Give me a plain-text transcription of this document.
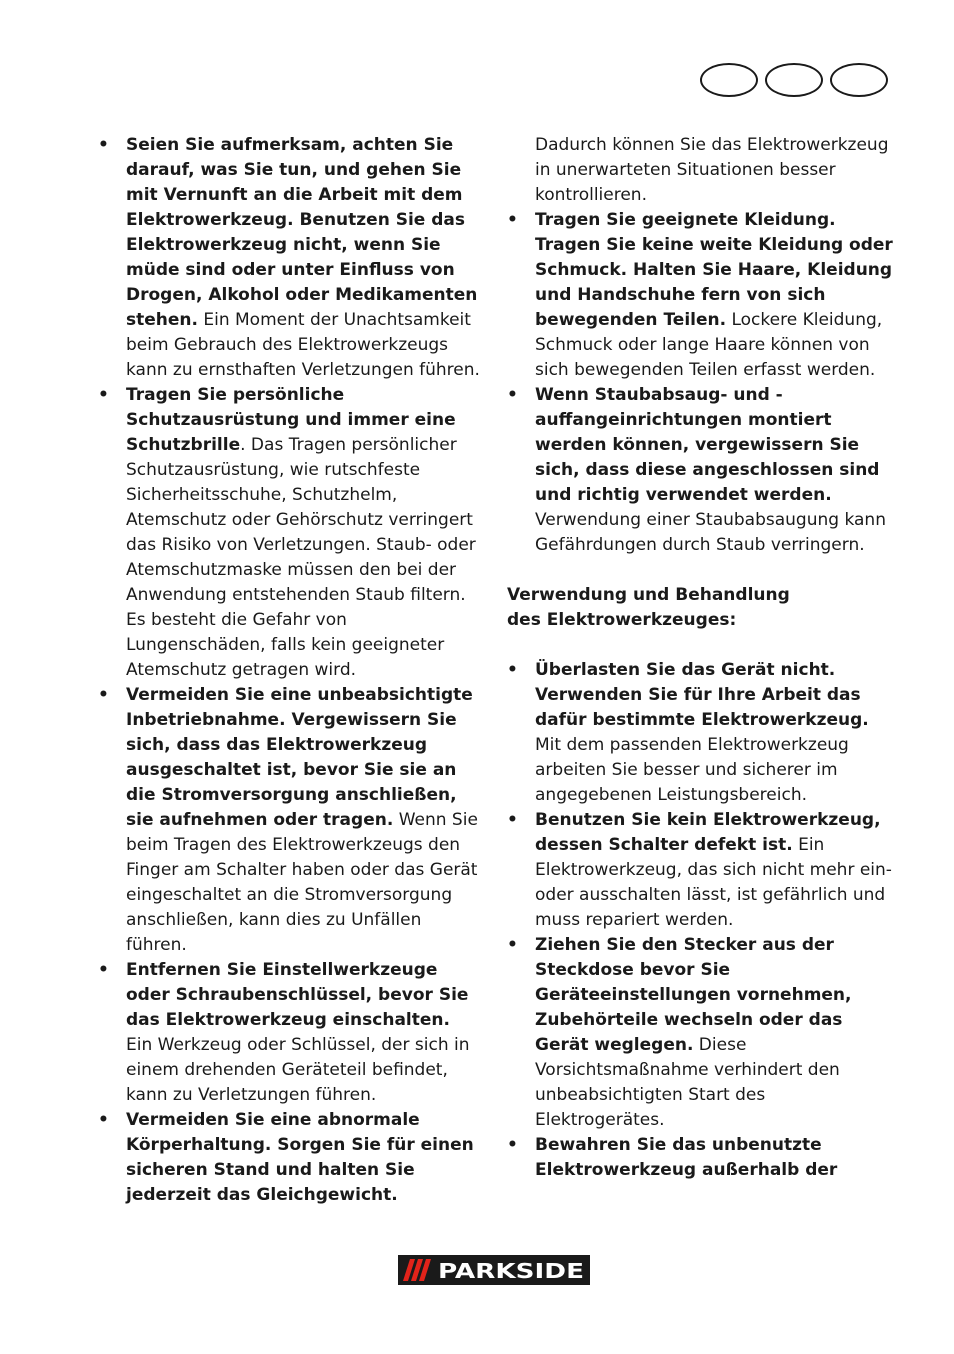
• Seien Sie aufmerksam, achten Sie darauf, was Sie tun, und gehen Sie mit Vernunft an die Arbeit mit dem Elektrowerkzeug. Benutzen Sie das Elektrowerkzeug nicht, wenn Sie müde sind oder unter Einfluss von Drogen, Alkohol oder Medikamenten stehen. Ein Moment der Unachtsamkeit beim Gebrauch des Elektrowerkzeugs kann zu ernsthaften Verletzungen führen.
• Tragen Sie persönliche Schutzausrüstung und immer eine Schutzbrille. Das Tragen persönlicher Schutzausrüstung, wie rutschfeste Sicherheitsschuhe, Schutzhelm, Atemschutz oder Gehörschutz verringert das Risiko von Verletzungen. Staub- oder Atemschutzmaske müssen den bei der Anwendung entstehenden Staub filtern. Es besteht die Gefahr von Lungenschäden, falls kein geeigneter Atemschutz getragen wird.
• Vermeiden Sie eine unbeabsichtigte Inbetriebnahme. Vergewissern Sie sich, dass das Elektrowerkzeug ausgeschaltet ist, bevor Sie sie an die Stromversorgung anschließen, sie aufnehmen oder tragen. Wenn Sie beim Tragen des Elektrowerkzeugs den Finger am Schalter haben oder das Gerät eingeschaltet an die Stromversorgung anschließen, kann dies zu Unfällen führen.
• Entfernen Sie Einstellwerkzeuge oder Schraubenschlüssel, bevor Sie das Elektrowerkzeug einschalten. Ein Werkzeug oder Schlüssel, der sich in einem drehenden Geräteteil befindet, kann zu Verletzungen führen.
• Vermeiden Sie eine abnormale Körperhaltung. Sorgen Sie für einen sicheren Stand und halten Sie jederzeit das Gleichgewicht.
Dadurch können Sie das Elektrowerkzeug in unerwarteten Situationen besser kontrollieren.
• Tragen Sie geeignete Kleidung. Tragen Sie keine weite Kleidung oder Schmuck. Halten Sie Haare, Kleidung und Handschuhe fern von sich bewegenden Teilen. Lockere Kleidung, Schmuck oder lange Haare können von sich bewegenden Teilen erfasst werden.
• Wenn Staubabsaug- und -auffangeinrichtungen montiert werden können, vergewissern Sie sich, dass diese angeschlossen sind und richtig verwendet werden. Verwendung einer Staubabsaugung kann Gefährdungen durch Staub verringern.
Verwendung und Behandlung
des Elektrowerkzeuges:
• Überlasten Sie das Gerät nicht. Verwenden Sie für Ihre Arbeit das dafür bestimmte Elektrowerkzeug. Mit dem passenden Elektrowerkzeug arbeiten Sie besser und sicherer im angegebenen Leistungsbereich.
• Benutzen Sie kein Elektrowerkzeug, dessen Schalter defekt ist. Ein Elektrowerkzeug, das sich nicht mehr ein- oder ausschalten lässt, ist gefährlich und muss repariert werden.
• Ziehen Sie den Stecker aus der Steckdose bevor Sie Geräteeinstellungen vornehmen, Zubehörteile wechseln oder das Gerät weglegen. Diese Vorsichtsmaßnahme verhindert den unbeabsichtigten Start des Elektrogerätes.
• Bewahren Sie das unbenutzte Elektrowerkzeug außerhalb der
PARKSIDE
